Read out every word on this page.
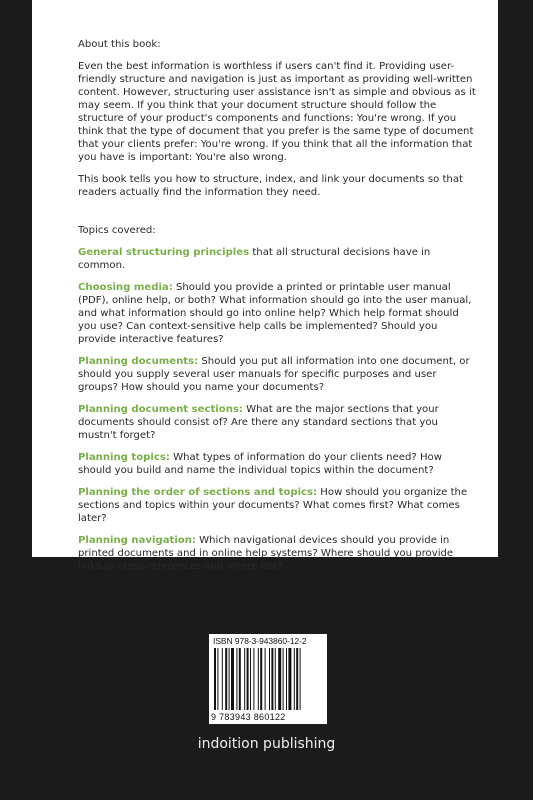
About this book:

Even the best information is worthless if users can't find it. Providing user-friendly structure and navigation is just as important as providing well-written content. However, structuring user assistance isn't as simple and obvious as it may seem. If you think that your document structure should follow the structure of your product's components and functions: You're wrong. If you think that the type of document that you prefer is the same type of document that your clients prefer: You're wrong. If you think that all the information that you have is important: You're also wrong.

This book tells you how to structure, index, and link your documents so that readers actually find the information they need.

Topics covered:

General structuring principles that all structural decisions have in common.

Choosing media: Should you provide a printed or printable user manual (PDF), online help, or both? What information should go into the user manual, and what information should go into online help? Which help format should you use? Can context-sensitive help calls be implemented? Should you provide interactive features?

Planning documents: Should you put all information into one document, or should you supply several user manuals for specific purposes and user groups? How should you name your documents?

Planning document sections: What are the major sections that your documents should consist of? Are there any standard sections that you mustn't forget?

Planning topics: What types of information do your clients need? How should you build and name the individual topics within the document?

Planning the order of sections and topics: How should you organize the sections and topics within your documents? What comes first? What comes later?

Planning navigation: Which navigational devices should you provide in printed documents and in online help systems? Where should you provide links or cross-references and where not?

ISBN 978-3-943860-12-2
9 783943 860122
indoition publishing
